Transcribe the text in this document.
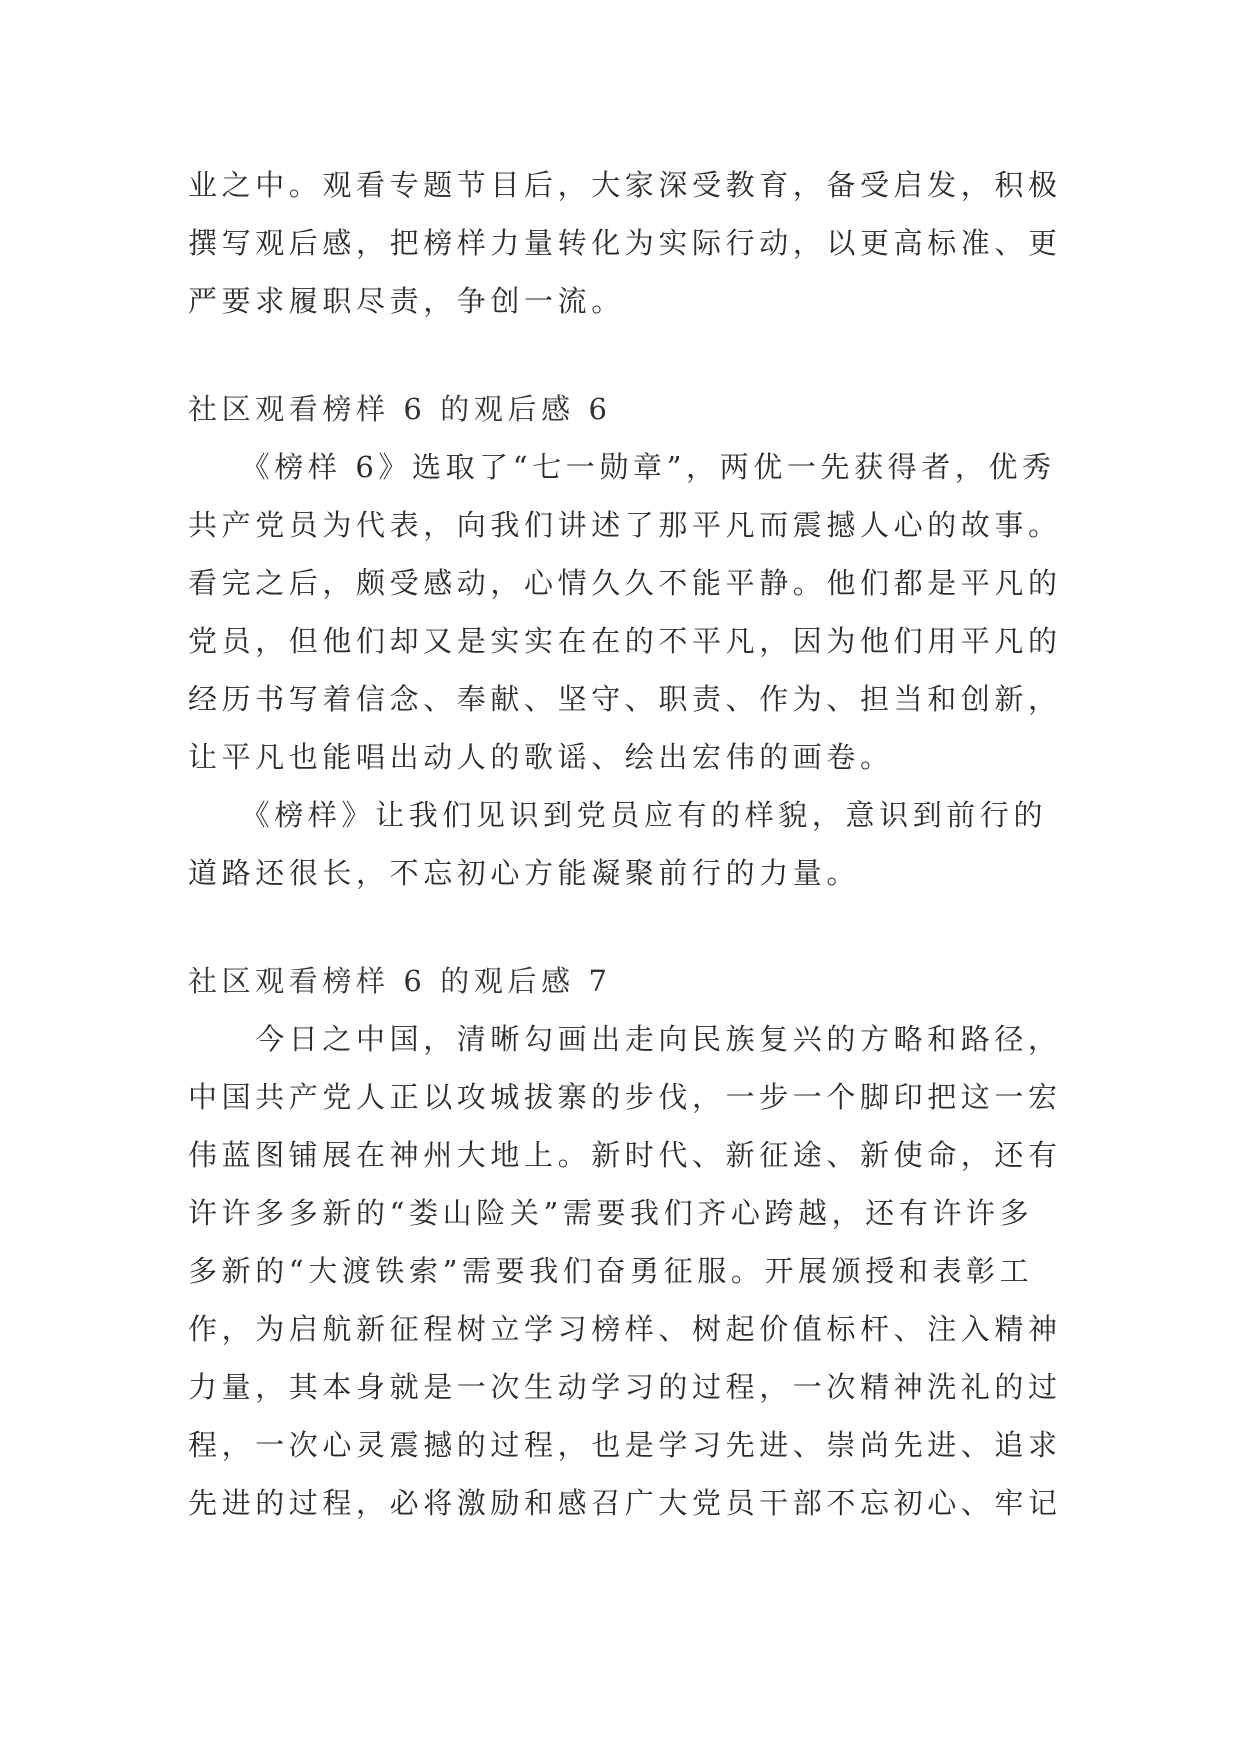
业之中。观看专题节目后，大家深受教育，备受启发，积极
撰写观后感，把榜样力量转化为实际行动，以更高标准、更
严要求履职尽责，争创一流。
社区观看榜样 6 的观后感 6
　　《榜样 6》选取了“七一勋章”，两优一先获得者，优秀
共产党员为代表，向我们讲述了那平凡而震撼人心的故事。
看完之后，颇受感动，心情久久不能平静。他们都是平凡的
党员，但他们却又是实实在在的不平凡，因为他们用平凡的
经历书写着信念、奉献、坚守、职责、作为、担当和创新，
让平凡也能唱出动人的歌谣、绘出宏伟的画卷。
　　《榜样》让我们见识到党员应有的样貌，意识到前行的
道路还很长，不忘初心方能凝聚前行的力量。
社区观看榜样 6 的观后感 7
　　今日之中国，清晰勾画出走向民族复兴的方略和路径，
中国共产党人正以攻城拔寨的步伐，一步一个脚印把这一宏
伟蓝图铺展在神州大地上。新时代、新征途、新使命，还有
许许多多新的“娄山险关”需要我们齐心跨越，还有许许多
多新的“大渡铁索”需要我们奋勇征服。开展颁授和表彰工
作，为启航新征程树立学习榜样、树起价值标杆、注入精神
力量，其本身就是一次生动学习的过程，一次精神洗礼的过
程，一次心灵震撼的过程，也是学习先进、崇尚先进、追求
先进的过程，必将激励和感召广大党员干部不忘初心、牢记
